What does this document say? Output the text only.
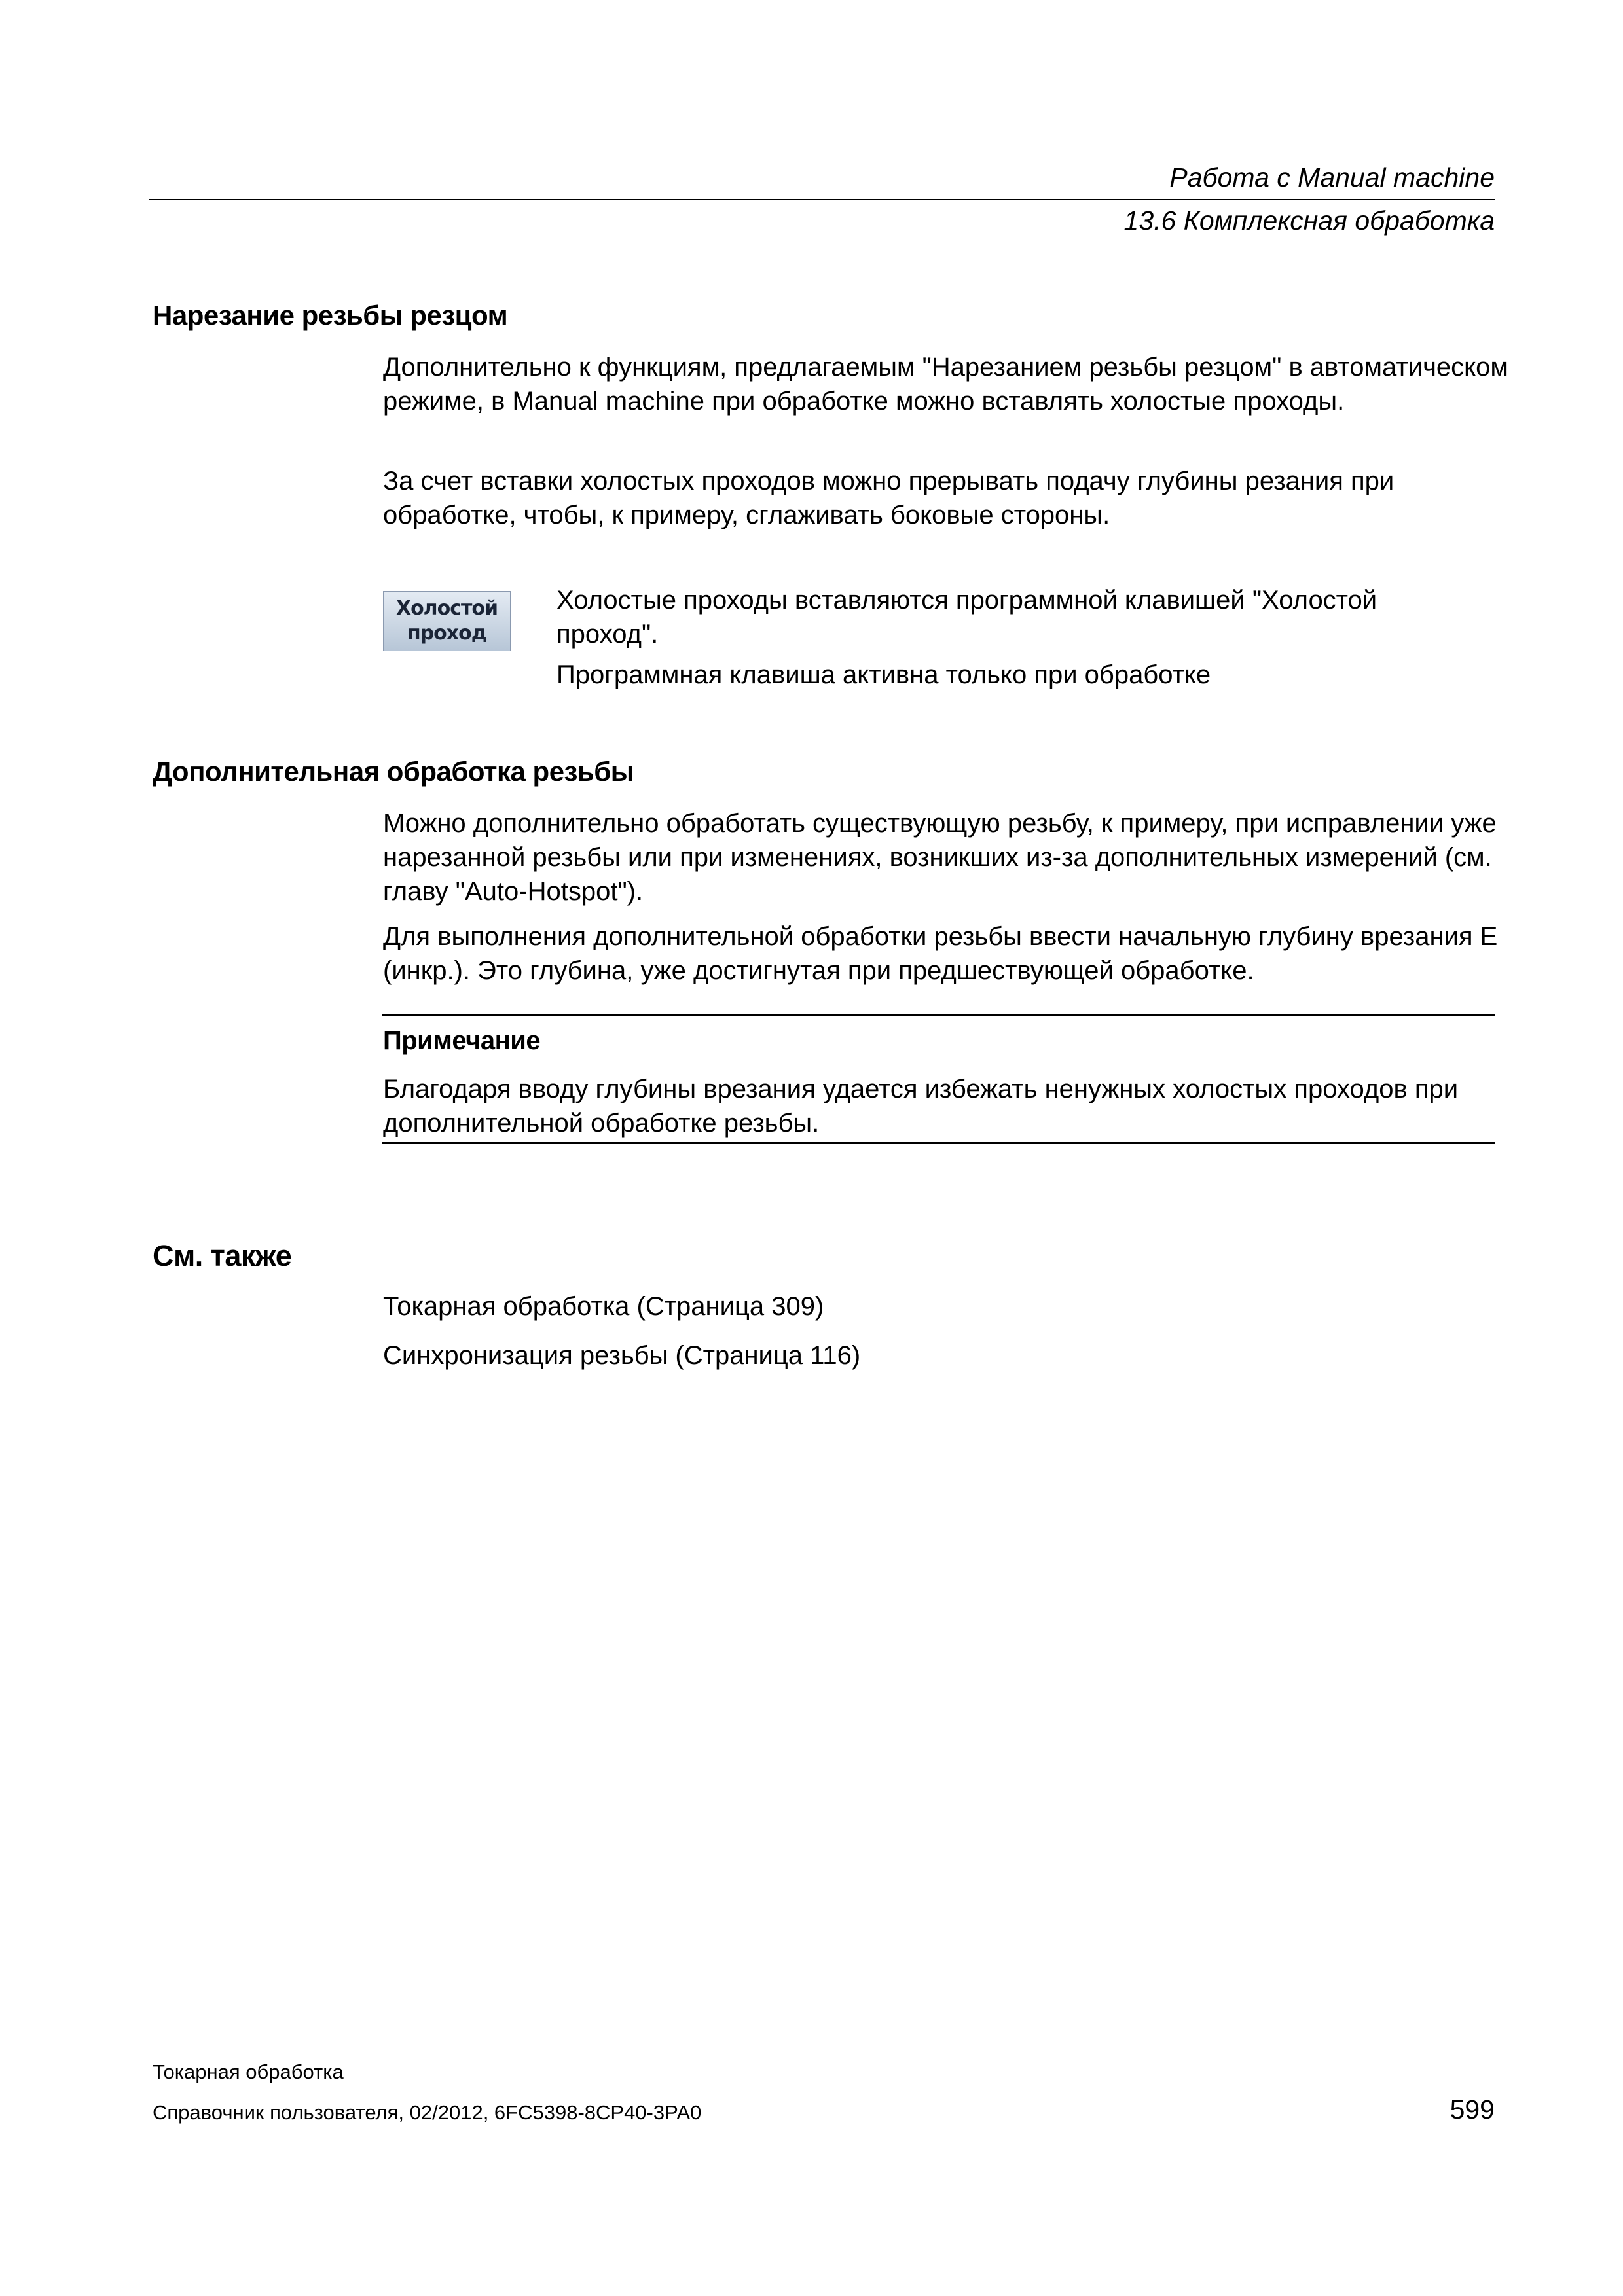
Работа с Manual machine
13.6 Комплексная обработка
Нарезание резьбы резцом

Дополнительно к функциям, предлагаемым "Нарезанием резьбы резцом" в автоматическом режиме, в Manual machine при обработке можно вставлять холостые проходы.

За счет вставки холостых проходов можно прерывать подачу глубины резания при обработке, чтобы, к примеру, сглаживать боковые стороны.

Холостой
проход

Холостые проходы вставляются программной клавишей "Холостой проход".

Программная клавиша активна только при обработке

Дополнительная обработка резьбы

Можно дополнительно обработать существующую резьбу, к примеру, при исправлении уже нарезанной резьбы или при изменениях, возникших из-за дополнительных измерений (см. главу "Auto-Hotspot").

Для выполнения дополнительной обработки резьбы ввести начальную глубину врезания E (инкр.). Это глубина, уже достигнутая при предшествующей обработке.

Примечание

Благодаря вводу глубины врезания удается избежать ненужных холостых проходов при дополнительной обработке резьбы.

См. также

Токарная обработка (Страница 309)

Синхронизация резьбы (Страница 116)

Токарная обработка
Справочник пользователя, 02/2012, 6FC5398-8CP40-3PA0	599
